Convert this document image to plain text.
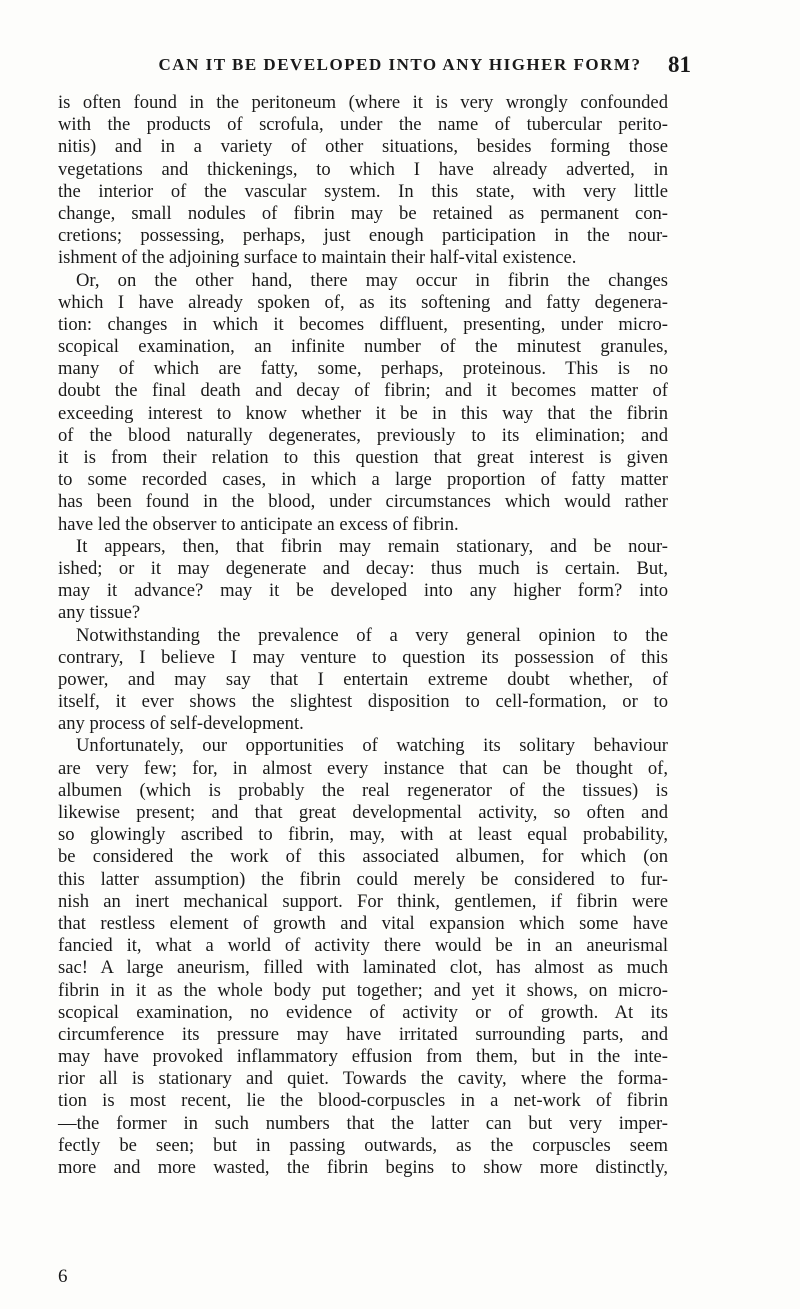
CAN IT BE DEVELOPED INTO ANY HIGHER FORM?	81
is often found in the peritoneum (where it is very wrongly confounded
with the products of scrofula, under the name of tubercular perito-
nitis) and in a variety of other situations, besides forming those
vegetations and thickenings, to which I have already adverted, in
the interior of the vascular system. In this state, with very little
change, small nodules of fibrin may be retained as permanent con-
cretions; possessing, perhaps, just enough participation in the nour-
ishment of the adjoining surface to maintain their half-vital existence.
Or, on the other hand, there may occur in fibrin the changes
which I have already spoken of, as its softening and fatty degenera-
tion: changes in which it becomes diffluent, presenting, under micro-
scopical examination, an infinite number of the minutest granules,
many of which are fatty, some, perhaps, proteinous. This is no
doubt the final death and decay of fibrin; and it becomes matter of
exceeding interest to know whether it be in this way that the fibrin
of the blood naturally degenerates, previously to its elimination; and
it is from their relation to this question that great interest is given
to some recorded cases, in which a large proportion of fatty matter
has been found in the blood, under circumstances which would rather
have led the observer to anticipate an excess of fibrin.
It appears, then, that fibrin may remain stationary, and be nour-
ished; or it may degenerate and decay: thus much is certain. But,
may it advance? may it be developed into any higher form? into
any tissue?
Notwithstanding the prevalence of a very general opinion to the
contrary, I believe I may venture to question its possession of this
power, and may say that I entertain extreme doubt whether, of
itself, it ever shows the slightest disposition to cell-formation, or to
any process of self-development.
Unfortunately, our opportunities of watching its solitary behaviour
are very few; for, in almost every instance that can be thought of,
albumen (which is probably the real regenerator of the tissues) is
likewise present; and that great developmental activity, so often and
so glowingly ascribed to fibrin, may, with at least equal probability,
be considered the work of this associated albumen, for which (on
this latter assumption) the fibrin could merely be considered to fur-
nish an inert mechanical support. For think, gentlemen, if fibrin were
that restless element of growth and vital expansion which some have
fancied it, what a world of activity there would be in an aneurismal
sac! A large aneurism, filled with laminated clot, has almost as much
fibrin in it as the whole body put together; and yet it shows, on micro-
scopical examination, no evidence of activity or of growth. At its
circumference its pressure may have irritated surrounding parts, and
may have provoked inflammatory effusion from them, but in the inte-
rior all is stationary and quiet. Towards the cavity, where the forma-
tion is most recent, lie the blood-corpuscles in a net-work of fibrin
—the former in such numbers that the latter can but very imper-
fectly be seen; but in passing outwards, as the corpuscles seem
more and more wasted, the fibrin begins to show more distinctly,
6
